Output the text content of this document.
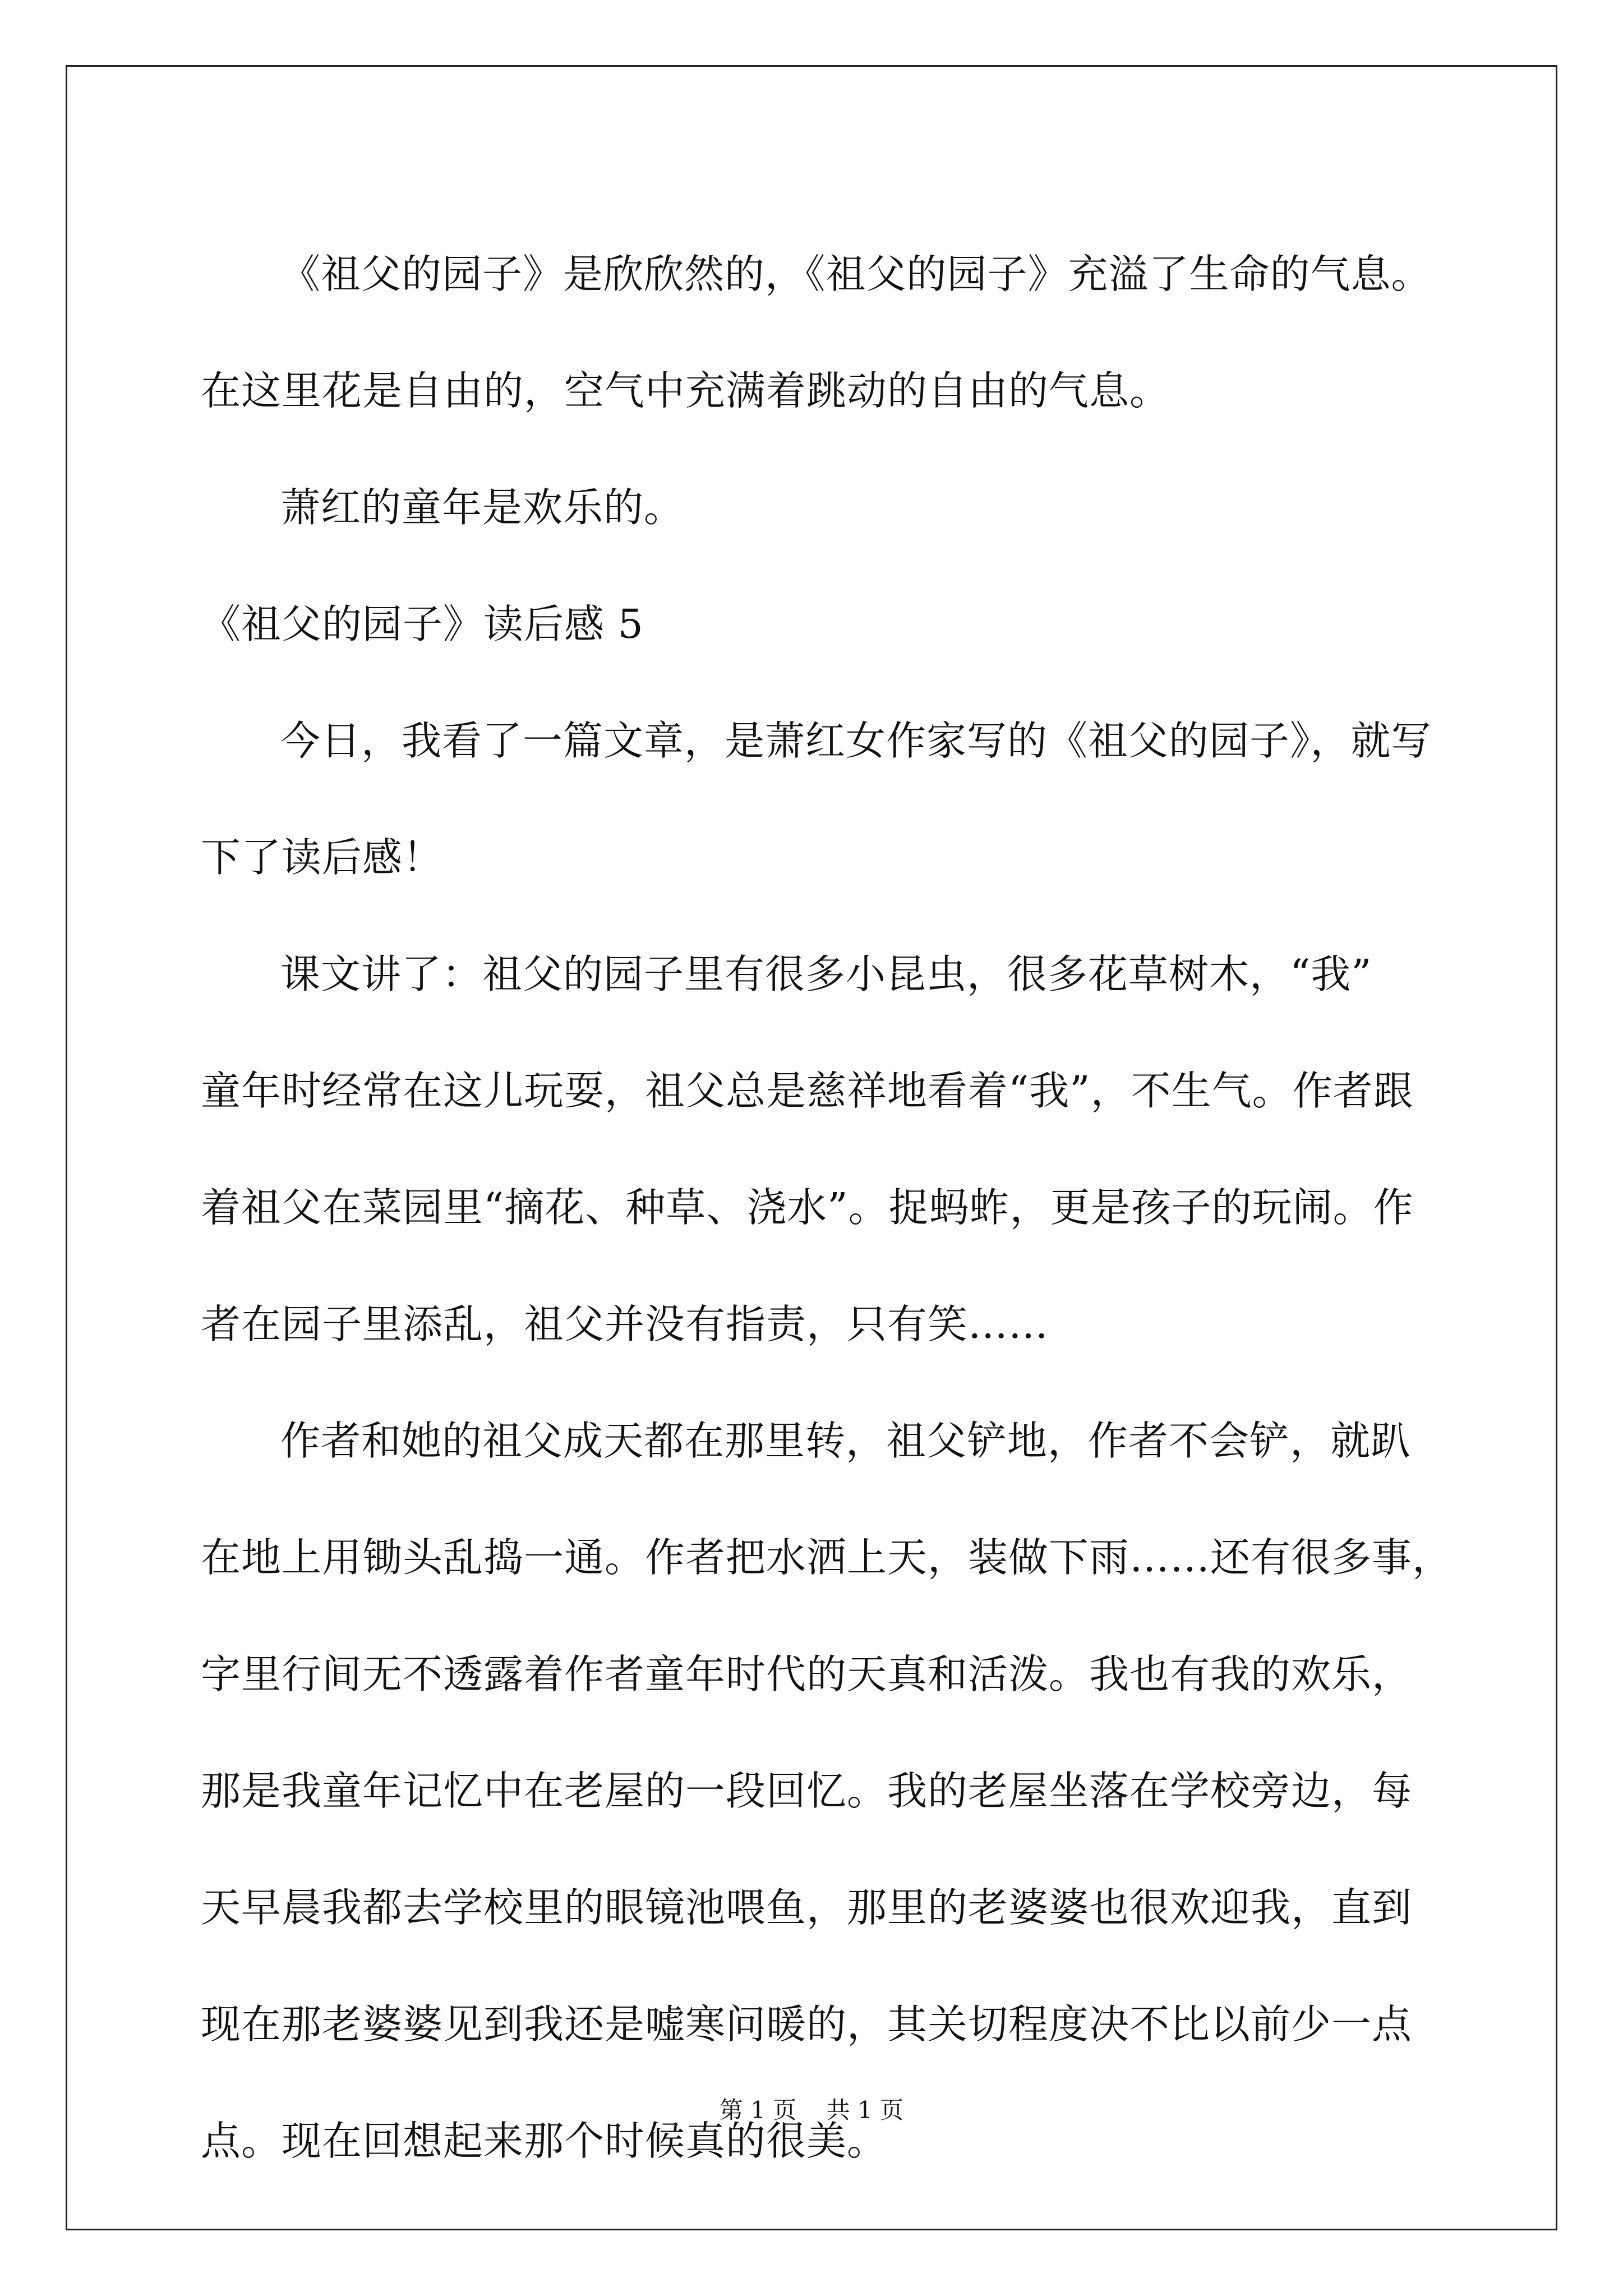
《祖父的园子》是欣欣然的，《祖父的园子》充溢了生命的气息。

在这里花是自由的，空气中充满着跳动的自由的气息。

萧红的童年是欢乐的。

《祖父的园子》读后感 5

今日，我看了一篇文章，是萧红女作家写的《祖父的园子》，就写

下了读后感！

课文讲了：祖父的园子里有很多小昆虫，很多花草树木，“我”

童年时经常在这儿玩耍，祖父总是慈祥地看着“我”，不生气。作者跟

着祖父在菜园里“摘花、种草、浇水”。捉蚂蚱，更是孩子的玩闹。作

者在园子里添乱，祖父并没有指责，只有笑……

作者和她的祖父成天都在那里转，祖父铲地，作者不会铲，就趴

在地上用锄头乱捣一通。作者把水洒上天，装做下雨……还有很多事，

字里行间无不透露着作者童年时代的天真和活泼。我也有我的欢乐，

那是我童年记忆中在老屋的一段回忆。我的老屋坐落在学校旁边，每

天早晨我都去学校里的眼镜池喂鱼，那里的老婆婆也很欢迎我，直到

现在那老婆婆见到我还是嘘寒问暖的，其关切程度决不比以前少一点

点。现在回想起来那个时候真的很美。

第 1 页 共 1 页
